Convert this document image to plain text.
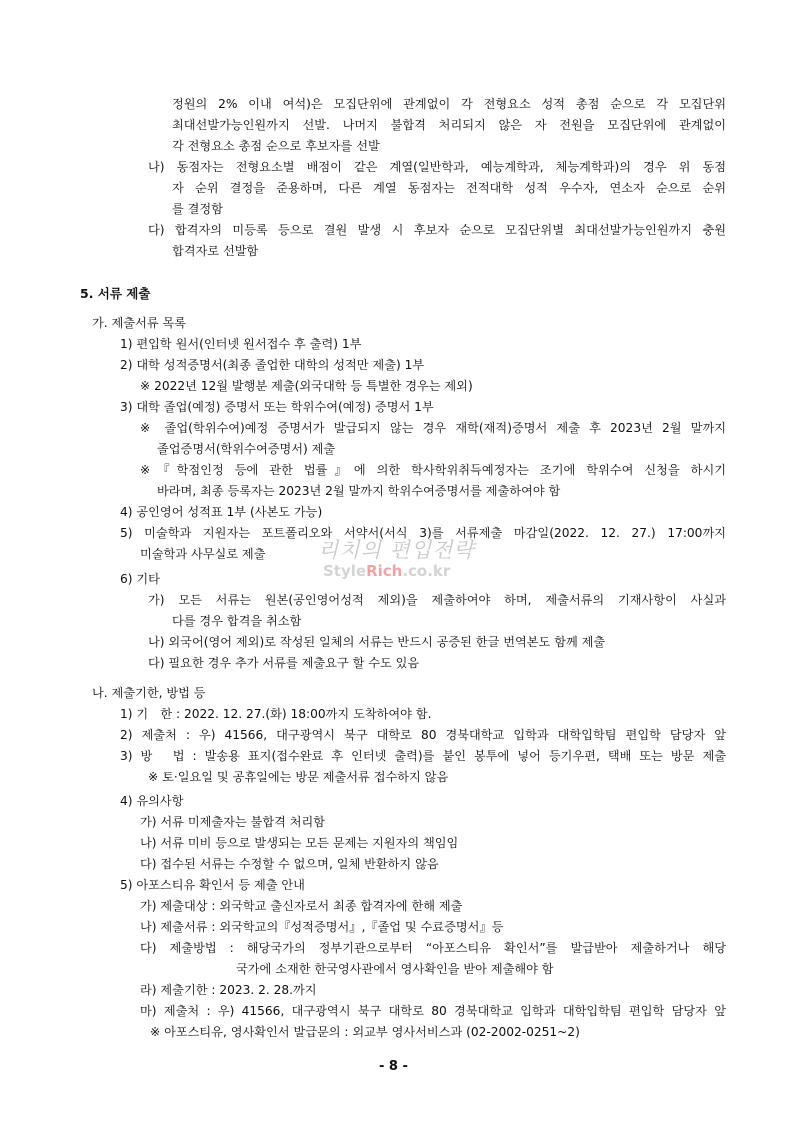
정원의 2% 이내 여석)은 모집단위에 관계없이 각 전형요소 성적 총점 순으로 각 모집단위
최대선발가능인원까지 선발. 나머지 불합격 처리되지 않은 자 전원을 모집단위에 관계없이
각 전형요소 총점 순으로 후보자를 선발
나) 동점자는 전형요소별 배점이 같은 계열(일반학과, 예능계학과, 체능계학과)의 경우 위 동점
자 순위 결정을 준용하며, 다른 계열 동점자는 전적대학 성적 우수자, 연소자 순으로 순위
를 결정함
다) 합격자의 미등록 등으로 결원 발생 시 후보자 순으로 모집단위별 최대선발가능인원까지 충원
합격자로 선발함
5. 서류 제출
가. 제출서류 목록
1) 편입학 원서(인터넷 원서접수 후 출력) 1부
2) 대학 성적증명서(최종 졸업한 대학의 성적만 제출) 1부
※ 2022년 12월 발행분 제출(외국대학 등 특별한 경우는 제외)
3) 대학 졸업(예정) 증명서 또는 학위수여(예정) 증명서 1부
※ 졸업(학위수여)예정 증명서가 발급되지 않는 경우 재학(재적)증명서 제출 후 2023년 2월 말까지
졸업증명서(학위수여증명서) 제출
※『학점인정 등에 관한 법률』에 의한 학사학위취득예정자는 조기에 학위수여 신청을 하시기
바라며, 최종 등록자는 2023년 2월 말까지 학위수여증명서를 제출하여야 함
4) 공인영어 성적표 1부 (사본도 가능)
5) 미술학과 지원자는 포트폴리오와 서약서(서식 3)를 서류제출 마감일(2022. 12. 27.) 17:00까지
미술학과 사무실로 제출
6) 기타
가) 모든 서류는 원본(공인영어성적 제외)을 제출하여야 하며, 제출서류의 기재사항이 사실과
다를 경우 합격을 취소함
나) 외국어(영어 제외)로 작성된 일체의 서류는 반드시 공증된 한글 번역본도 함께 제출
다) 필요한 경우 추가 서류를 제출요구 할 수도 있음
나. 제출기한, 방법 등
1) 기　한 : 2022. 12. 27.(화) 18:00까지 도착하여야 함.
2) 제출처 : 우) 41566, 대구광역시 북구 대학로 80 경북대학교 입학과 대학입학팀 편입학 담당자 앞
3) 방　법 : 발송용 표지(접수완료 후 인터넷 출력)를 붙인 봉투에 넣어 등기우편, 택배 또는 방문 제출
※ 토·일요일 및 공휴일에는 방문 제출서류 접수하지 않음
4) 유의사항
가) 서류 미제출자는 불합격 처리함
나) 서류 미비 등으로 발생되는 모든 문제는 지원자의 책임임
다) 접수된 서류는 수정할 수 없으며, 일체 반환하지 않음
5) 아포스티유 확인서 등 제출 안내
가) 제출대상 : 외국학교 출신자로서 최종 합격자에 한해 제출
나) 제출서류 : 외국학교의『성적증명서』,『졸업 및 수료증명서』등
다) 제출방법 : 해당국가의 정부기관으로부터 “아포스티유 확인서”를 발급받아 제출하거나 해당
국가에 소재한 한국영사관에서 영사확인을 받아 제출해야 함
라) 제출기한 : 2023. 2. 28.까지
마) 제출처 : 우) 41566, 대구광역시 북구 대학로 80 경북대학교 입학과 대학입학팀 편입학 담당자 앞
※ 아포스티유, 영사확인서 발급문의 : 외교부 영사서비스과 (02-2002-0251~2)
리치의 편입전략
StyleRich.co.kr
- 8 -
